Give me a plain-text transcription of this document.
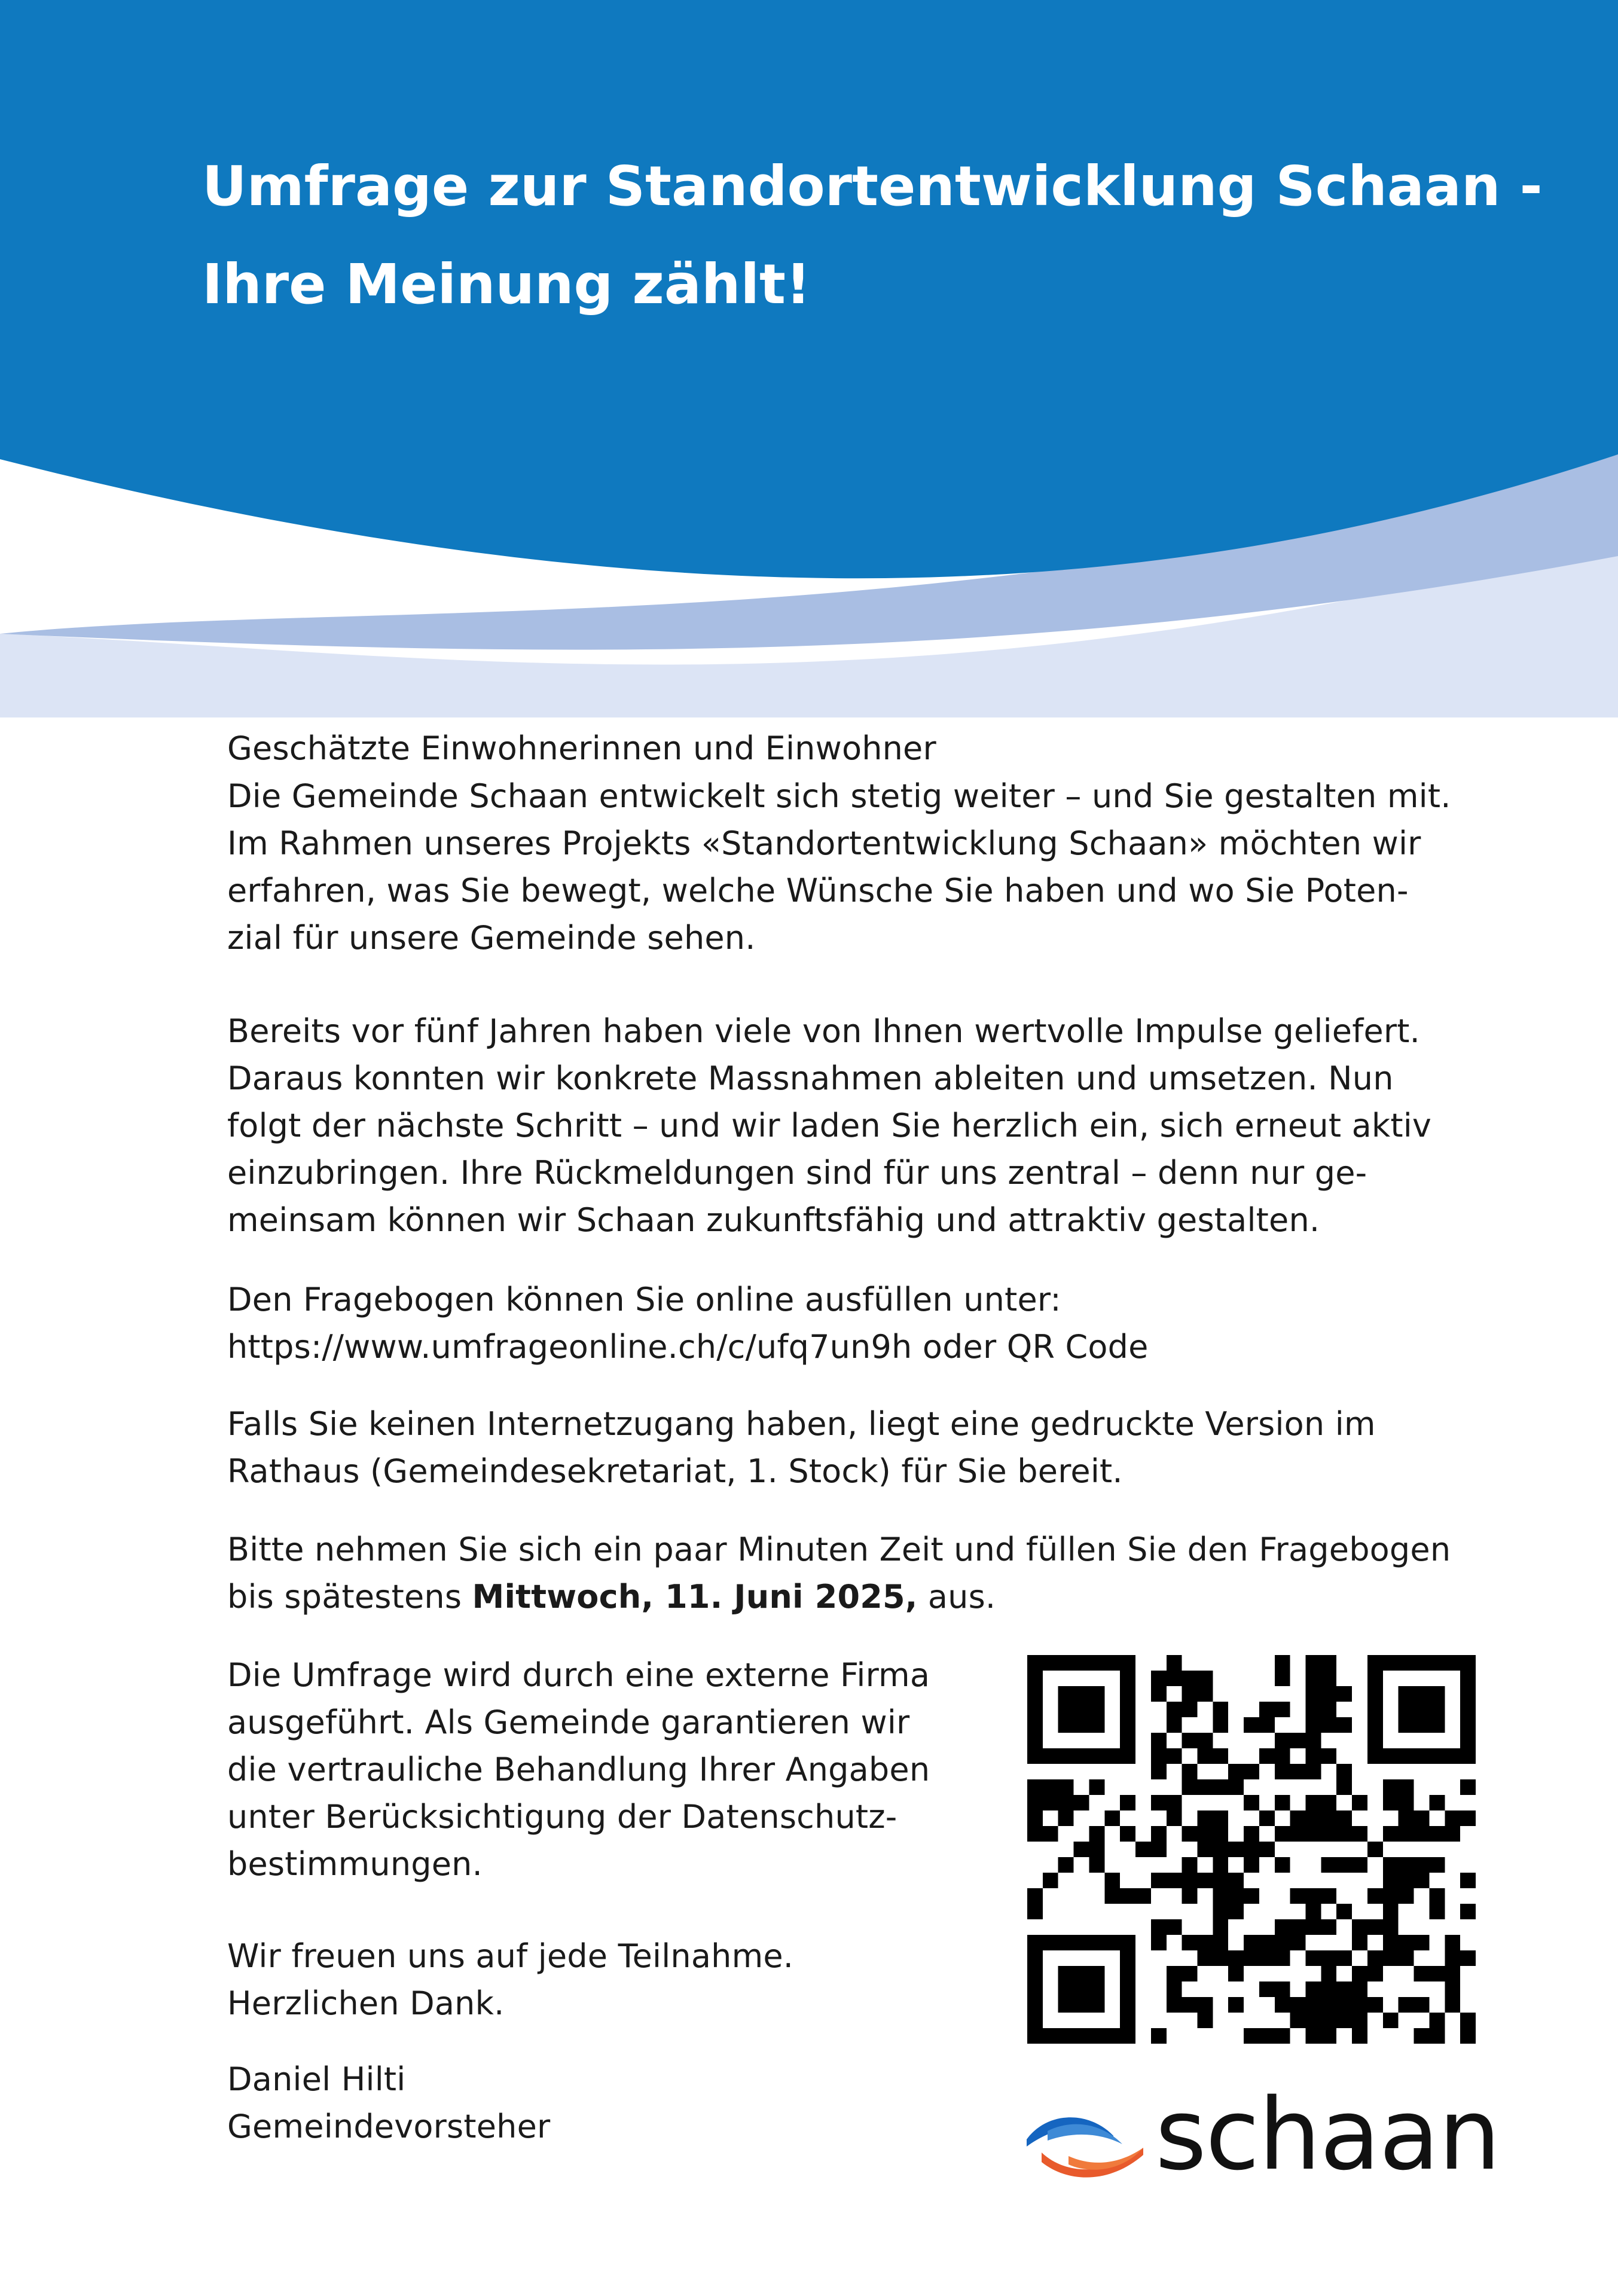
Umfrage zur Standortentwicklung Schaan -
Ihre Meinung zählt!

Geschätzte Einwohnerinnen und Einwohner

Die Gemeinde Schaan entwickelt sich stetig weiter – und Sie gestalten mit.
Im Rahmen unseres Projekts «Standortentwicklung Schaan» möchten wir
erfahren, was Sie bewegt, welche Wünsche Sie haben und wo Sie Poten-
zial für unsere Gemeinde sehen.

Bereits vor fünf Jahren haben viele von Ihnen wertvolle Impulse geliefert.
Daraus konnten wir konkrete Massnahmen ableiten und umsetzen. Nun
folgt der nächste Schritt – und wir laden Sie herzlich ein, sich erneut aktiv
einzubringen. Ihre Rückmeldungen sind für uns zentral – denn nur ge-
meinsam können wir Schaan zukunftsfähig und attraktiv gestalten.

Den Fragebogen können Sie online ausfüllen unter:
https://www.umfrageonline.ch/c/ufq7un9h oder QR Code

Falls Sie keinen Internetzugang haben, liegt eine gedruckte Version im
Rathaus (Gemeindesekretariat, 1. Stock) für Sie bereit.

Bitte nehmen Sie sich ein paar Minuten Zeit und füllen Sie den Fragebogen
bis spätestens Mittwoch, 11. Juni 2025, aus.

Die Umfrage wird durch eine externe Firma
ausgeführt. Als Gemeinde garantieren wir
die vertrauliche Behandlung Ihrer Angaben
unter Berücksichtigung der Datenschutz-
bestimmungen.

Wir freuen uns auf jede Teilnahme.
Herzlichen Dank.

Daniel Hilti
Gemeindevorsteher	schaan
